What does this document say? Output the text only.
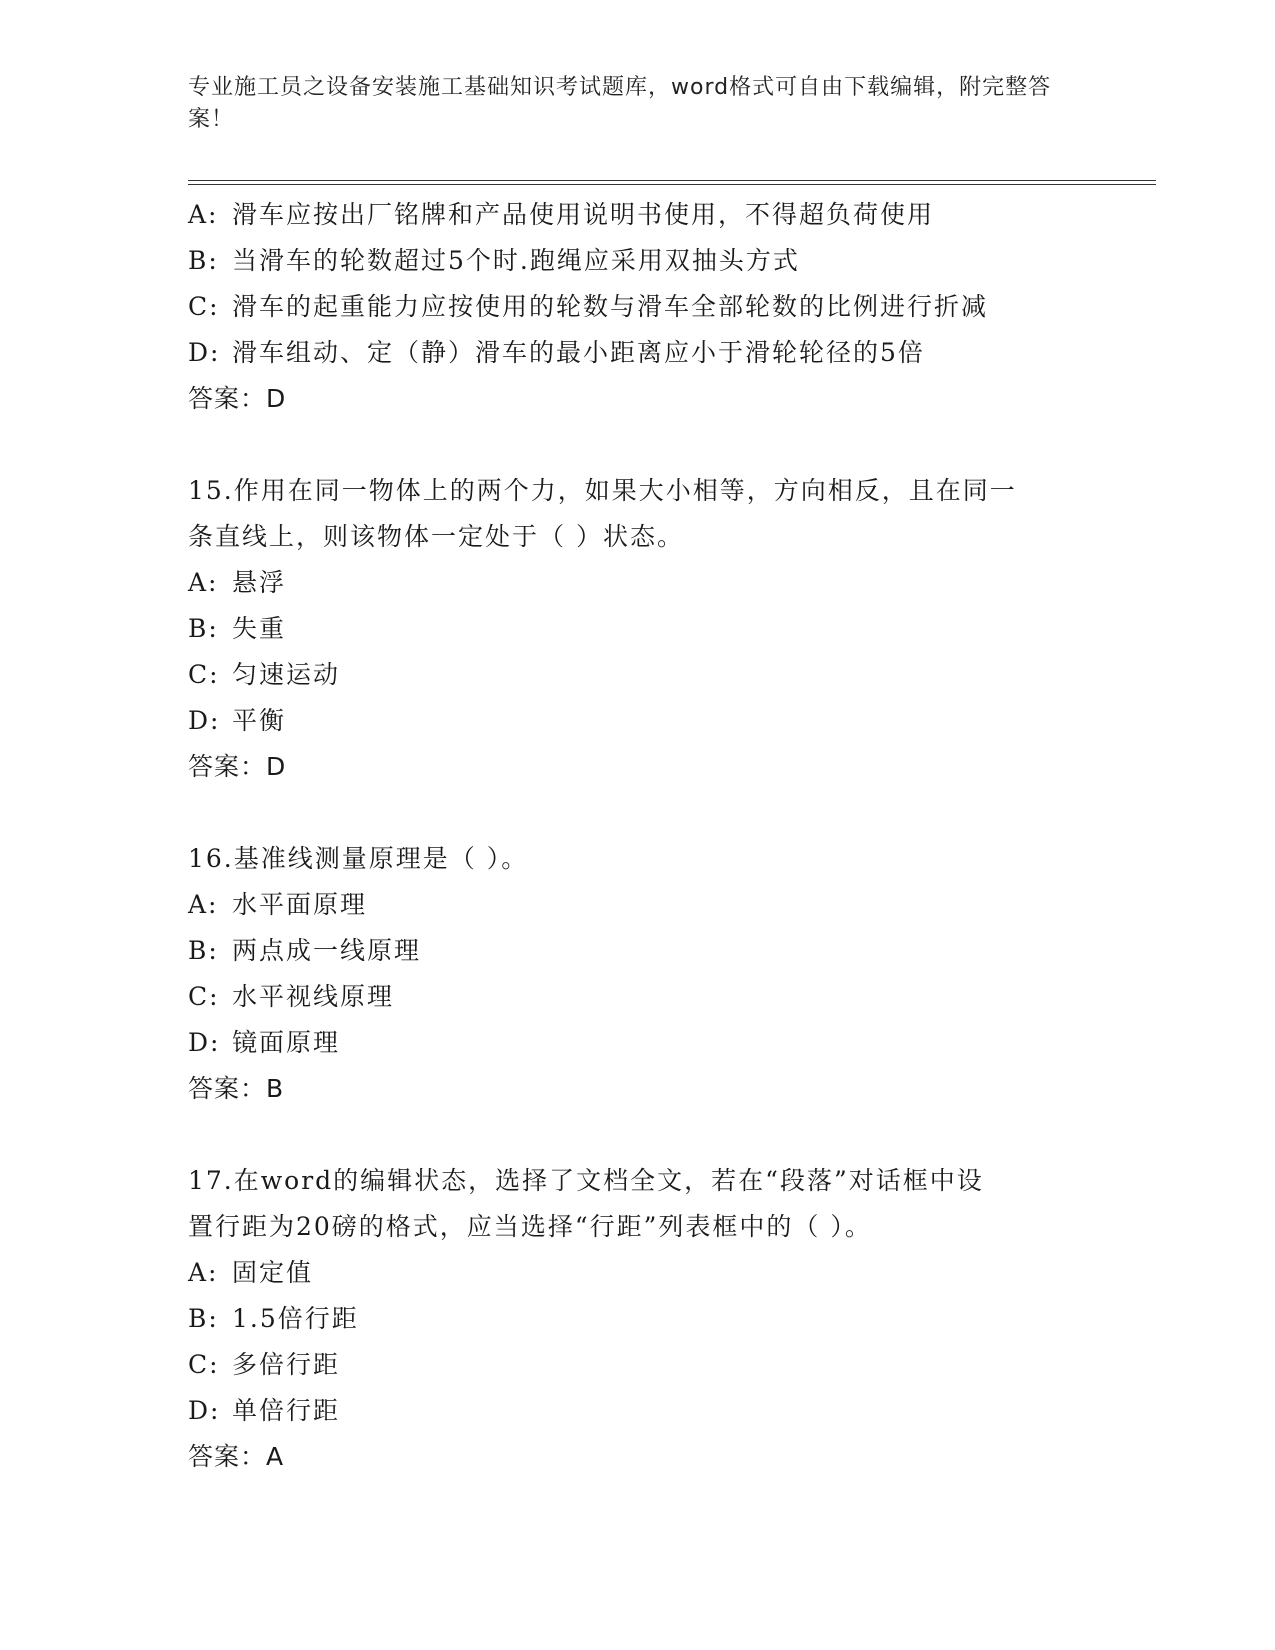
专业施工员之设备安装施工基础知识考试题库，word格式可自由下载编辑，附完整答案！
A: 滑车应按出厂铭牌和产品使用说明书使用，不得超负荷使用
B: 当滑车的轮数超过5个时.跑绳应采用双抽头方式
C: 滑车的起重能力应按使用的轮数与滑车全部轮数的比例进行折减
D: 滑车组动、定（静）滑车的最小距离应小于滑轮轮径的5倍
答案：D
15.作用在同一物体上的两个力，如果大小相等，方向相反，且在同一
条直线上，则该物体一定处于（ ）状态。
A: 悬浮
B: 失重
C: 匀速运动
D: 平衡
答案：D
16.基准线测量原理是（ ）。
A: 水平面原理
B: 两点成一线原理
C: 水平视线原理
D: 镜面原理
答案：B
17.在word的编辑状态，选择了文档全文，若在“段落”对话框中设
置行距为20磅的格式，应当选择“行距”列表框中的（ ）。
A: 固定值
B: 1.5倍行距
C: 多倍行距
D: 单倍行距
答案：A
